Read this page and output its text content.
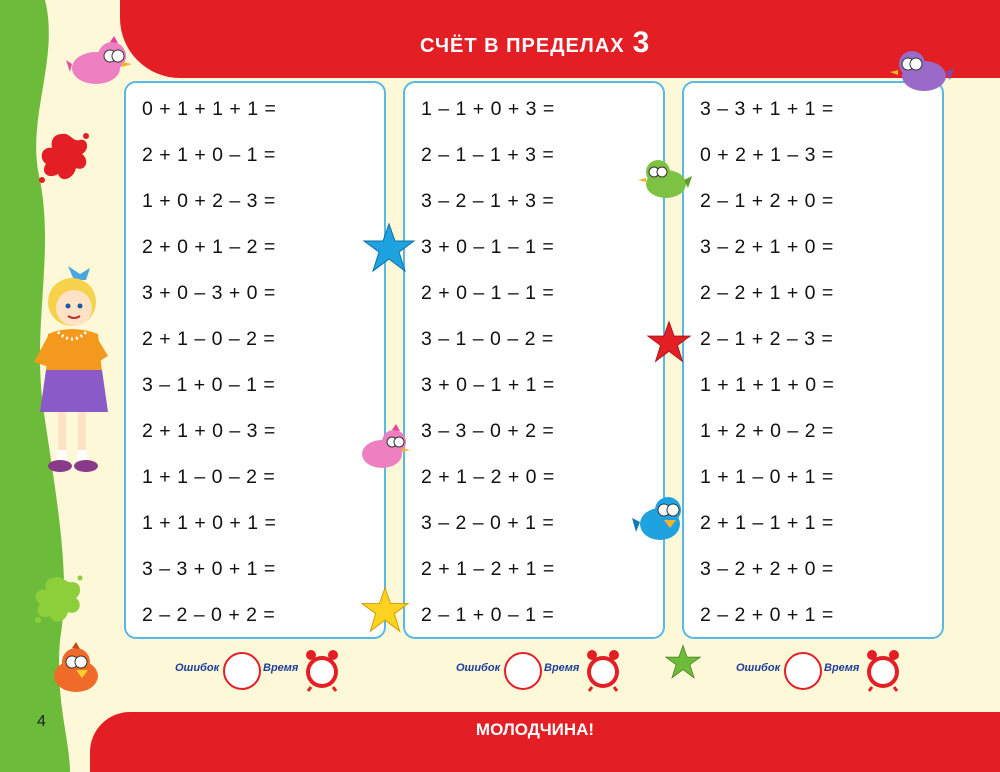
СЧЁТ В ПРЕДЕЛАХ 3
МОЛОДЧИНА!
4
0 + 1 + 1 + 1 =
2 + 1 + 0 – 1 =
1 + 0 + 2 – 3 =
2 + 0 + 1 – 2 =
3 + 0 – 3 + 0 =
2 + 1 – 0 – 2 =
3 – 1 + 0 – 1 =
2 + 1 + 0 – 3 =
1 + 1 – 0 – 2 =
1 + 1 + 0 + 1 =
3 – 3 + 0 + 1 =
2 – 2 – 0 + 2 =
1 – 1 + 0 + 3 =
2 – 1 – 1 + 3 =
3 – 2 – 1 + 3 =
3 + 0 – 1 – 1 =
2 + 0 – 1 – 1 =
3 – 1 – 0 – 2 =
3 + 0 – 1 + 1 =
3 – 3 – 0 + 2 =
2 + 1 – 2 + 0 =
3 – 2 – 0 + 1 =
2 + 1 – 2 + 1 =
2 – 1 + 0 – 1 =
3 – 3 + 1 + 1 =
0 + 2 + 1 – 3 =
2 – 1 + 2 + 0 =
3 – 2 + 1 + 0 =
2 – 2 + 1 + 0 =
2 – 1 + 2 – 3 =
1 + 1 + 1 + 0 =
1 + 2 + 0 – 2 =
1 + 1 – 0 + 1 =
2 + 1 – 1 + 1 =
3 – 2 + 2 + 0 =
2 – 2 + 0 + 1 =
Ошибок	Время	Ошибок	Время	Ошибок	Время
